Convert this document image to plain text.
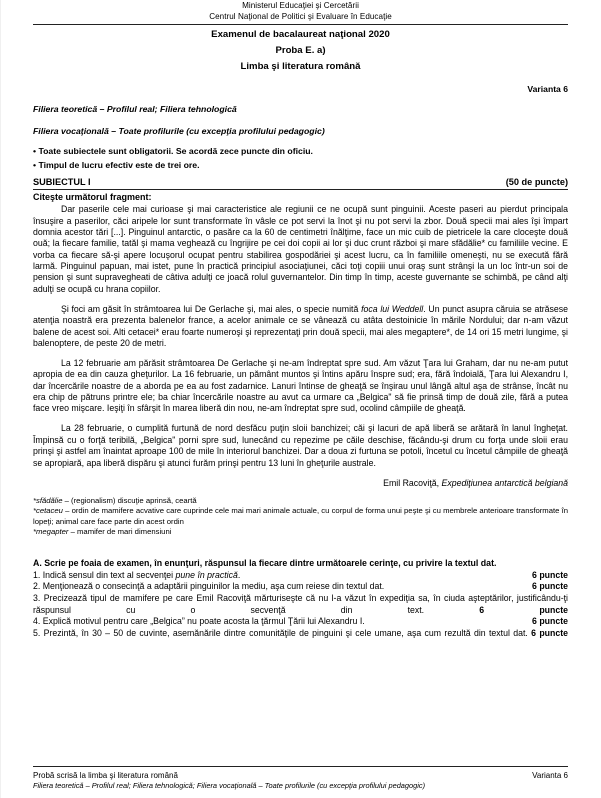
Ministerul Educaţiei şi Cercetării
Centrul Naţional de Politici şi Evaluare în Educaţie
Examenul de bacalaureat naţional 2020
Proba E. a)
Limba şi literatura română
Varianta 6
Filiera teoretică – Profilul real; Filiera tehnologică
Filiera vocaţională – Toate profilurile (cu excepţia profilului pedagogic)
• Toate subiectele sunt obligatorii. Se acordă zece puncte din oficiu.
• Timpul de lucru efectiv este de trei ore.
SUBIECTUL I	(50 de puncte)
Citeşte următorul fragment:

Dar paserile cele mai curioase şi mai caracteristice ale regiunii ce ne ocupă sunt pinguinii. Aceste paseri au pierdut principala însuşire a paserilor, căci aripele lor sunt transformate în vâsle ce pot servi la înot şi nu pot servi la zbor. Două specii mai ales îşi împart domnia acestor tări [...]. Pinguinul antarctic, o pasăre ca la 60 de centimetri înălţime, face un mic cuib de pietricele la care cloceşte două ouă; la fiecare familie, tatăl şi mama veghează cu îngrijire pe cei doi copii ai lor şi duc crunt război şi mare sfădălie* cu familiile vecine. E vorba ca fiecare să-şi apere locuşorul ocupat pentru stabilirea gospodăriei şi acest lucru, ca în familiile omeneşti, nu se execută fără larmă. Pinguinul papuan, mai istet, pune în practică principiul asociaţiunei, căci toţi copiii unui oraş sunt strânşi la un loc într-un soi de pension şi sunt supravegheati de câtiva adulţi ce joacă rolul guvernantelor. Din timp în timp, aceste guvernante se schimbă, pe când alţi adulţi se ocupă cu hrana copiilor.

Şi foci am găsit în strâmtoarea lui De Gerlache şi, mai ales, o specie numită foca lui Weddell. Un punct asupra căruia se atrăsese atenţia noastră era prezenta balenelor france, a acelor animale ce se vânează cu atâta destoinicie în mările Nordului; dar n-am văzut balene de acest soi. Alti cetacei* erau foarte numeroşi şi reprezentaţi prin două specii, mai ales megaptere*, de 14 ori 15 metri lungime, şi balenoptere, de peste 20 de metri.

La 12 februarie am părăsit strâmtoarea De Gerlache şi ne-am îndreptat spre sud. Am văzut Ţara lui Graham, dar nu ne-am putut apropia de ea din cauza gheţurilor. La 16 februarie, un pământ muntos şi întins apăru înspre sud; era, fără îndoială, Ţara lui Alexandru I, dar încercările noastre de a aborda pe ea au fost zadarnice. Lanuri întinse de gheaţă se înşirau unul lângă altul aşa de strânse, încât nu era chip de pătruns printre ele; ba chiar încercările noastre au avut ca urmare ca „Belgica" să fie prinsă timp de două zile, fără a putea face vreo mişcare. Ieşiţi în sfârşit în marea liberă din nou, ne-am îndreptat spre sud, ocolind câmpiile de gheaţă.

La 28 februarie, o cumplită furtună de nord desfăcu puţin sloii banchizei; căi şi lacuri de apă liberă se arătară în lanul îngheţat. Împinsă cu o forţă teribilă, „Belgica" porni spre sud, lunecând cu repezime pe căile deschise, făcându-şi drum cu forţa unde sloii erau prinşi şi astfel am înaintat aproape 100 de mile în interiorul banchizei. Dar a doua zi furtuna se potoli, încetul cu încetul câmpiile de gheaţă se apropiară, apa liberă dispăru şi atunci furăm prinşi pentru 13 luni în gheţurile australe.

Emil Racoviţă, Expediţiunea antarctică belgiană
*sfădălie – (regionalism) discuţie aprinsă, ceartă
*cetaceu – ordin de mamifere acvative care cuprinde cele mai mari animale actuale, cu corpul de forma unui peşte şi cu membrele anterioare transformate în lopeţi; animal care face parte din acest ordin
*megapter – mamifer de mari dimensiuni
A. Scrie pe foaia de examen, în enunţuri, răspunsul la fiecare dintre următoarele cerinţe, cu privire la textul dat.
1. Indică sensul din text al secvenţei pune în practică.	6 puncte
2. Menţionează o consecinţă a adaptării pinguinilor la mediu, aşa cum reiese din textul dat.	6 puncte
3. Precizează tipul de mamifere pe care Emil Racoviţă mărturiseşte că nu l-a văzut în expediţia sa, în ciuda aşteptărilor, justificându-ţi răspunsul cu o secvenţă din text.	6 puncte
4. Explică motivul pentru care „Belgica” nu poate acosta la ţărmul Ţării lui Alexandru I.	6 puncte
5. Prezintă, în 30 – 50 de cuvinte, asemănările dintre comunităţile de pinguini şi cele umane, aşa cum rezultă din textul dat. 6 puncte
Probă scrisă la limba şi literatura română	Varianta 6
Filiera teoretică – Profilul real; Filiera tehnologică; Filiera vocaţională – Toate profilurile (cu excepţia profilului pedagogic)
